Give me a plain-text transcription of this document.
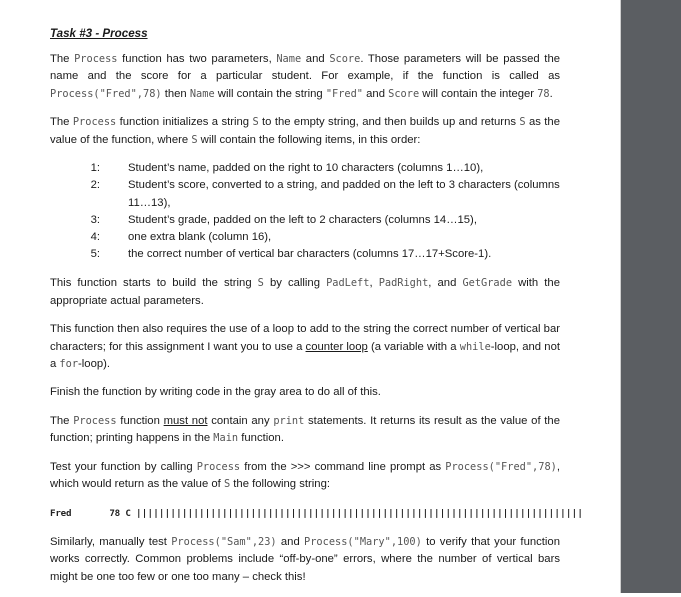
Task #3 - Process

The Process function has two parameters, Name and Score. Those parameters will be passed the name and the score for a particular student. For example, if the function is called as Process("Fred",78) then Name will contain the string "Fred" and Score will contain the integer 78.

The Process function initializes a string S to the empty string, and then builds up and returns S as the value of the function, where S will contain the following items, in this order:

1: Student’s name, padded on the right to 10 characters (columns 1…10),
2: Student’s score, converted to a string, and padded on the left to 3 characters (columns 11…13),
3: Student’s grade, padded on the left to 2 characters (columns 14…15),
4: one extra blank (column 16),
5: the correct number of vertical bar characters (columns 17…17+Score-1).

This function starts to build the string S by calling PadLeft, PadRight, and GetGrade with the appropriate actual parameters.

This function then also requires the use of a loop to add to the string the correct number of vertical bar characters; for this assignment I want you to use a counter loop (a variable with a while-loop, and not a for-loop).

Finish the function by writing code in the gray area to do all of this.

The Process function must not contain any print statements. It returns its result as the value of the function; printing happens in the Main function.

Test your function by calling Process from the >>> command line prompt as Process("Fred",78), which would return as the value of S the following string:

Fred	78 C ||||||||||||||||||||||||||||||||||||||||||||||||||||||||||||||||||||||||||||||

Similarly, manually test Process("Sam",23) and Process("Mary",100) to verify that your function works correctly. Common problems include “off-by-one” errors, where the number of vertical bars might be one too few or one too many – check this!
